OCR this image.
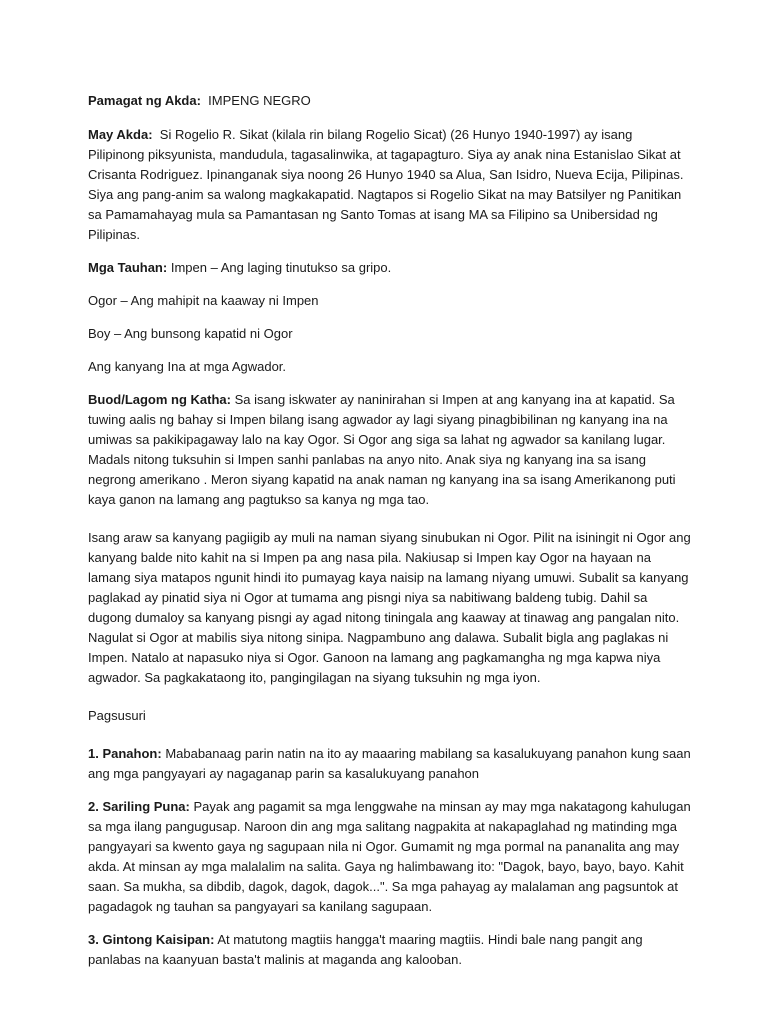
Pamagat ng Akda: IMPENG NEGRO

May Akda: Si Rogelio R. Sikat (kilala rin bilang Rogelio Sicat) (26 Hunyo 1940-1997) ay isang Pilipinong piksyunista, mandudula, tagasalinwika, at tagapagturo. Siya ay anak nina Estanislao Sikat at Crisanta Rodriguez. Ipinanganak siya noong 26 Hunyo 1940 sa Alua, San Isidro, Nueva Ecija, Pilipinas. Siya ang pang-anim sa walong magkakapatid. Nagtapos si Rogelio Sikat na may Batsilyer ng Panitikan sa Pamamahayag mula sa Pamantasan ng Santo Tomas at isang MA sa Filipino sa Unibersidad ng Pilipinas.

Mga Tauhan: Impen – Ang laging tinutukso sa gripo.

Ogor – Ang mahipit na kaaway ni Impen

Boy – Ang bunsong kapatid ni Ogor

Ang kanyang Ina at mga Agwador.

Buod/Lagom ng Katha: Sa isang iskwater ay naninirahan si Impen at ang kanyang ina at kapatid. Sa tuwing aalis ng bahay si Impen bilang isang agwador ay lagi siyang pinagbibilinan ng kanyang ina na umiwas sa pakikipagaway lalo na kay Ogor. Si Ogor ang siga sa lahat ng agwador sa kanilang lugar. Madals nitong tuksuhin si Impen sanhi panlabas na anyo nito. Anak siya ng kanyang ina sa isang negrong amerikano . Meron siyang kapatid na anak naman ng kanyang ina sa isang Amerikanong puti kaya ganon na lamang ang pagtukso sa kanya ng mga tao.

Isang araw sa kanyang pagiigib ay muli na naman siyang sinubukan ni Ogor. Pilit na isiningit ni Ogor ang kanyang balde nito kahit na si Impen pa ang nasa pila. Nakiusap si Impen kay Ogor na hayaan na lamang siya matapos ngunit hindi ito pumayag kaya naisip na lamang niyang umuwi. Subalit sa kanyang paglakad ay pinatid siya ni Ogor at tumama ang pisngi niya sa nabitiwang baldeng tubig. Dahil sa dugong dumaloy sa kanyang pisngi ay agad nitong tiningala ang kaaway at tinawag ang pangalan nito. Nagulat si Ogor at mabilis siya nitong sinipa. Nagpambuno ang dalawa. Subalit bigla ang paglakas ni Impen. Natalo at napasuko niya si Ogor. Ganoon na lamang ang pagkamangha ng mga kapwa niya agwador. Sa pagkakataong ito, pangingilagan na siyang tuksuhin ng mga iyon.

Pagsusuri

1. Panahon: Mababanaag parin natin na ito ay maaaring mabilang sa kasalukuyang panahon kung saan ang mga pangyayari ay nagaganap parin sa kasalukuyang panahon

2. Sariling Puna: Payak ang pagamit sa mga lenggwahe na minsan ay may mga nakatagong kahulugan sa mga ilang pangugusap. Naroon din ang mga salitang nagpakita at nakapaglahad ng matinding mga pangyayari sa kwento gaya ng sagupaan nila ni Ogor. Gumamit ng mga pormal na pananalita ang may akda. At minsan ay mga malalalim na salita. Gaya ng halimbawang ito: "Dagok, bayo, bayo, bayo. Kahit saan. Sa mukha, sa dibdib, dagok, dagok, dagok...". Sa mga pahayag ay malalaman ang pagsuntok at pagadagok ng tauhan sa pangyayari sa kanilang sagupaan.

3. Gintong Kaisipan: At matutong magtiis hangga't maaring magtiis. Hindi bale nang pangit ang panlabas na kaanyuan basta't malinis at maganda ang kalooban.
